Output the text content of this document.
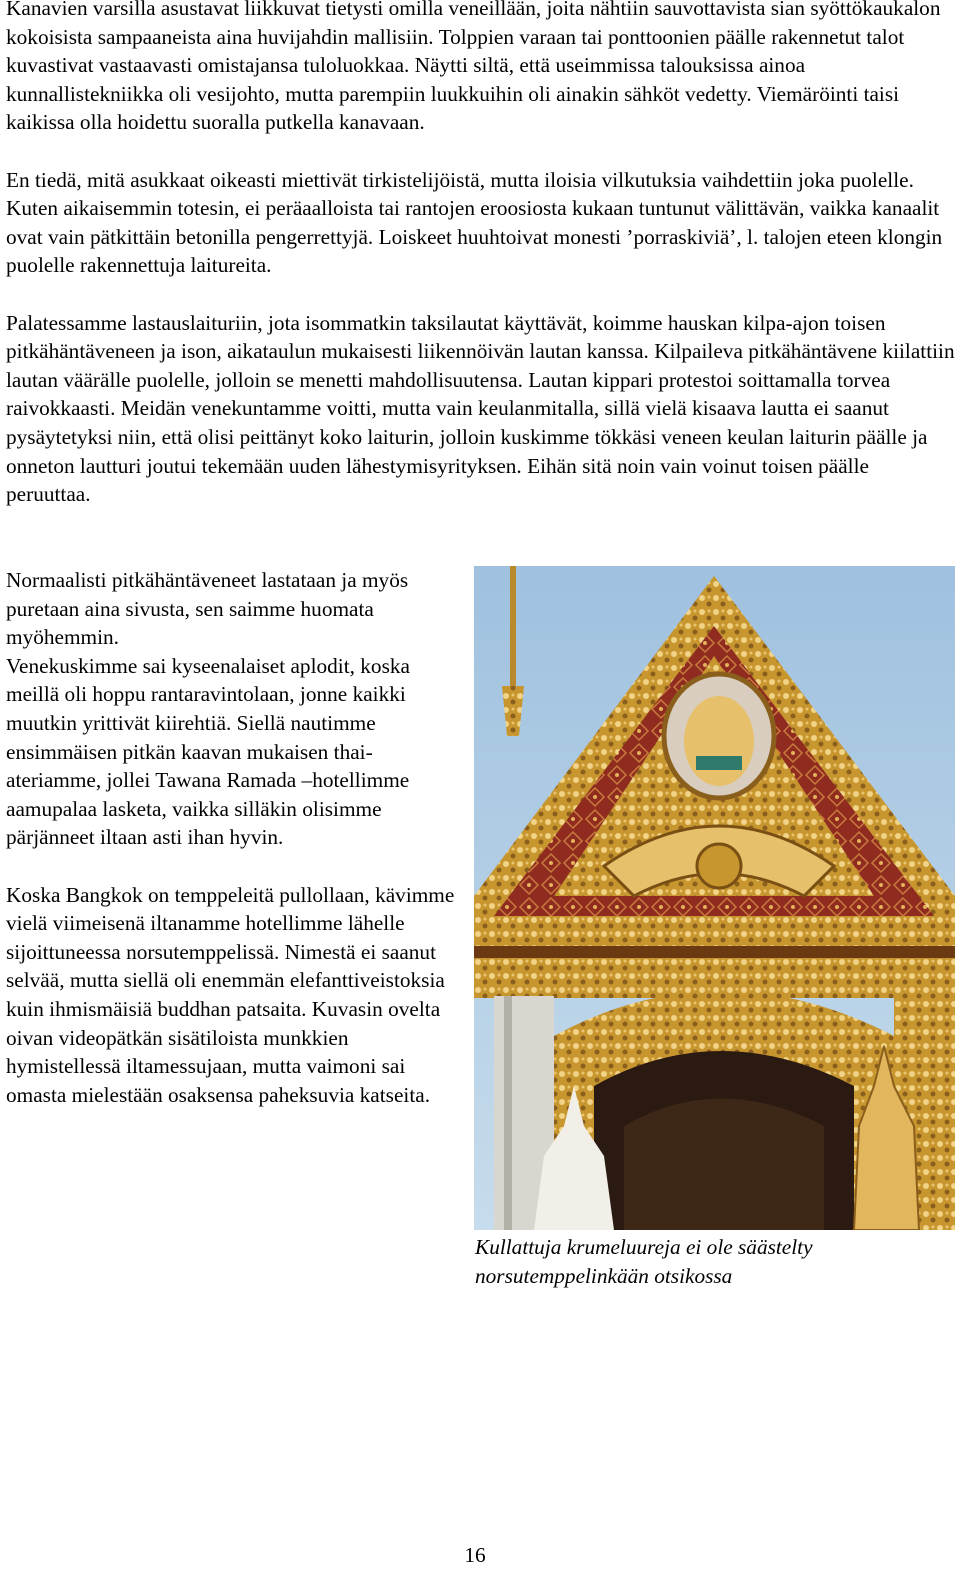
Kanavien varsilla asustavat liikkuvat tietysti omilla veneillään, joita nähtiin sauvottavista sian syöttökaukalon kokoisista sampaaneista aina huvijahdin mallisiin. Tolppien varaan tai ponttoonien päälle rakennetut talot kuvastivat vastaavasti omistajansa tuloluokkaa. Näytti siltä, että useimmissa talouksissa ainoa kunnallistekniikka oli vesijohto, mutta parempiin luukkuihin oli ainakin sähköt vedetty. Viemäröinti taisi kaikissa olla hoidettu suoralla putkella kanavaan.

En tiedä, mitä asukkaat oikeasti miettivät tirkistelijöistä, mutta iloisia vilkutuksia vaihdettiin joka puolelle. Kuten aikaisemmin totesin, ei peräaalloista tai rantojen eroosiosta kukaan tuntunut välittävän, vaikka kanaalit ovat vain pätkittäin betonilla pengerrettyjä. Loiskeet huuhtoivat monesti ’porraskiviä’, l. talojen eteen klongin puolelle rakennettuja laitureita.

Palatessamme lastauslaituriin, jota isommatkin taksilautat käyttävät, koimme hauskan kilpa-ajon toisen pitkähäntäveneen ja ison, aikataulun mukaisesti liikennöivän lautan kanssa. Kilpaileva pitkähäntävene kiilattiin lautan väärälle puolelle, jolloin se menetti mahdollisuutensa. Lautan kippari protestoi soittamalla torvea raivokkaasti. Meidän venekuntamme voitti, mutta vain keulanmitalla, sillä vielä kisaava lautta ei saanut pysäytetyksi niin, että olisi peittänyt koko laiturin, jolloin kuskimme tökkäsi veneen keulan laiturin päälle ja onneton lautturi joutui tekemään uuden lähestymisyrityksen. Eihän sitä noin vain voinut toisen päälle peruuttaa.

Normaalisti pitkähäntäveneet lastataan ja myös puretaan aina sivusta, sen saimme huomata myöhemmin.

Venekuskimme sai kyseenalaiset aplodit, koska meillä oli hoppu rantaravintolaan, jonne kaikki muutkin yrittivät kiirehtiä. Siellä nautimme ensimmäisen pitkän kaavan mukaisen thai-ateriamme, jollei Tawana Ramada –hotellimme aamupalaa lasketa, vaikka silläkin olisimme pärjänneet iltaan asti ihan hyvin.

Koska Bangkok on temppeleitä pullollaan, kävimme vielä viimeisenä iltanamme hotellimme lähelle sijoittuneessa norsutemppelissä. Nimestä ei saanut selvää, mutta siellä oli enemmän elefanttiveistoksia kuin ihmismäisiä buddhan patsaita. Kuvasin ovelta oivan videopätkän sisätiloista munkkien hymistellessä iltamessujaan, mutta vaimoni sai omasta mielestään osaksensa paheksuvia katseita.

Kullattuja krumeluureja ei ole säästelty norsutemppelinkään otsikossa
16
